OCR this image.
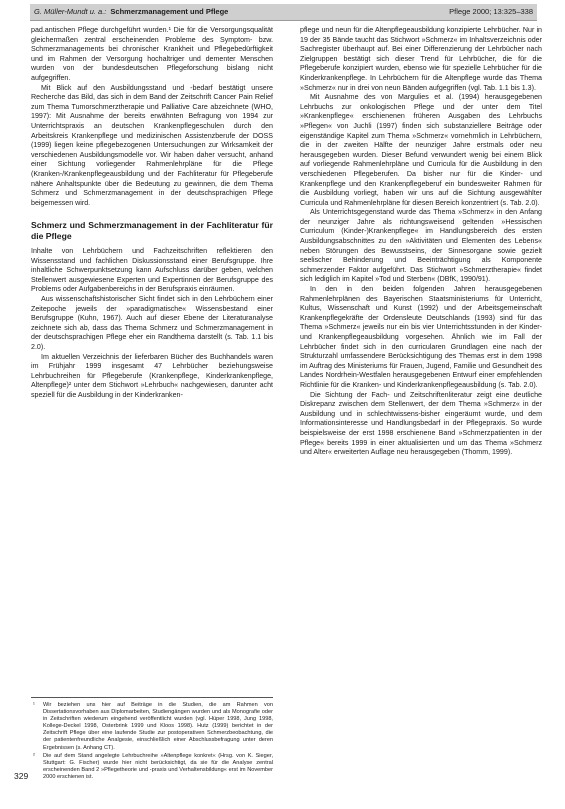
G. Müller-Mundt u. a.: Schmerzmanagement und Pflege	Pflege 2000; 13:325–338

pad.antischen Pflege durchgeführt wurden.¹ Die für die Versorgungsqualität gleichermaßen zentral erscheinenden Probleme des Symptom- bzw. Schmerzmanagements bei chronischer Krankheit und Pflegebedürftigkeit und im Rahmen der Versorgung hochaltriger und dementer Menschen wurden von der bundesdeutschen Pflegeforschung bislang nicht aufgegriffen.

Mit Blick auf den Ausbildungsstand und -bedarf bestätigt unsere Recherche das Bild, das sich in dem Band der Zeitschrift Cancer Pain Relief zum Thema Tumorschmerztherapie und Palliative Care abzeichnete (WHO, 1997): Mit Ausnahme der bereits erwähnten Befragung von 1994 zur Unterrichtspraxis an deutschen Krankenpflegeschulen durch den Arbeitskreis Krankenpflege und medizinischen Assistenzberufe der DOSS (1999) liegen keine pflegebezogenen Untersuchungen zur Wirksamkeit der verschiedenen Ausbildungsmodelle vor. Wir haben daher versucht, anhand einer Sichtung vorliegender Rahmenlehrpläne für die Pflege (Kranken-/Krankenpflegeausbildung und der Fachliteratur für Pflegeberufe nähere Anhaltspunkte über die Bedeutung zu gewinnen, die dem Thema Schmerz und Schmerzmanagement in der deutschsprachigen Pflege beigemessen wird.

Schmerz und Schmerzmanagement in der Fachliteratur für die Pflege

Inhalte von Lehrbüchern und Fachzeitschriften reflektieren den Wissensstand und fachlichen Diskussionsstand einer Berufsgruppe. Ihre inhaltliche Schwerpunktsetzung kann Aufschluss darüber geben, welchen Stellenwert ausgewiesene Experten und Expertinnen der Berufsgruppe des Problems oder Aufgabenbereichs in der Berufspraxis einräumen.

Aus wissenschaftshistorischer Sicht findet sich in den Lehrbüchern einer Zeitepoche jeweils der »paradigmatische« Wissensbestand einer Berufsgruppe (Kuhn, 1967). Auch auf dieser Ebene der Literaturanalyse zeichnete sich ab, dass das Thema Schmerz und Schmerzmanagement in der deutschsprachigen Pflege eher ein Randthema darstellt (s. Tab. 1.1 bis 2.0).

Im aktuellen Verzeichnis der lieferbaren Bücher des Buchhandels waren im Frühjahr 1999 insgesamt 47 Lehrbücher beziehungsweise Lehrbuchreihen für Pflegeberufe (Krankenpflege, Kinderkrankenpflege, Altenpflege)² unter dem Stichwort »Lehrbuch« nachgewiesen, darunter acht speziell für die Ausbildung in der Kinderkranken-

¹ Wir beziehen uns hier auf Beiträge in die Studien, die am Rahmen von Dissertationsvorhaben aus Diplomarbeiten, Studiengängen wurden und als Monografie oder in Zeitschriften wiederum eingehend veröffentlicht wurden (vgl. Hüper 1998, Jung 1998, Kollege-Deckel 1998, Osterbrink 1999 und Kloos 1998). Hutz (1999) berichtet in der Zeitschrift Pflege über eine laufende Studie zur postoperativen Schmerzbeobachtung, die der patientenfreundliche Analgesie, einschließlich einer Abschlussbefragung unter deren Ergebnissen (s. Anhang CT).
² Die auf dem Stand angelegte Lehrbuchreihe »Altenpflege konkret« (Hrsg. von K. Sieger, Stuttgart: G. Fischer) wurde hier nicht berücksichtigt, da sie für die Analyse zentral erscheinenden Band 2 »Pflegetheorie und -praxis und Verhaltensbildung« erst im November 2000 erschienen ist.

pflege und neun für die Altenpflegeausbildung konzipierte Lehrbücher. Nur in 19 der 35 Bände taucht das Stichwort »Schmerz« im Inhaltsverzeichnis oder Sachregister überhaupt auf. Bei einer Differenzierung der Lehrbücher nach Zielgruppen bestätigt sich dieser Trend für Lehrbücher, die für die Pflegeberufe konzipiert wurden, ebenso wie für spezielle Lehrbücher für die Kinderkrankenpflege. In Lehrbüchern für die Altenpflege wurde das Thema »Schmerz« nur in drei von neun Bänden aufgegriffen (vgl. Tab. 1.1 bis 1.3).

Mit Ausnahme des von Margulies et al. (1994) herausgegebenen Lehrbuchs zur onkologischen Pflege und der unter dem Titel »Krankenpflege« erschienenen früheren Ausgaben des Lehrbuchs »Pflegen« von Juchli (1997) finden sich substanziellere Beiträge oder eigenständige Kapitel zum Thema »Schmerz« vornehmlich in Lehrbüchern, die in der zweiten Hälfte der neunziger Jahre erstmals oder neu herausgegeben wurden. Dieser Befund verwundert wenig bei einem Blick auf vorliegende Rahmenlehrpläne und Curricula für die Ausbildung in den verschiedenen Pflegeberufen. Da bisher nur für die Kinder- und Krankenpflege und den Krankenpflegeberuf ein bundesweiter Rahmen für die Ausbildung vorliegt, haben wir uns auf die Sichtung ausgewählter Curricula und Rahmenlehrpläne für diesen Bereich konzentriert (s. Tab. 2.0).

Als Unterrichtsgegenstand wurde das Thema »Schmerz« in den Anfang der neunziger Jahre als richtungsweisend geltenden »Hessischen Curriculum (Kinder-)Krankenpflege« im Handlungsbereich des ersten Ausbildungsabschnittes zu den »Aktivitäten und Elementen des Lebens« neben Störungen des Bewusstseins, der Sinnesorgane sowie gezielt seelischer Behinderung und Beeinträchtigung als Komponente schmerzender Faktor aufgeführt. Das Stichwort »Schmerztherapie« findet sich lediglich im Kapitel »Tod und Sterben« (DBfK, 1990/91).

In den in den beiden folgenden Jahren herausgegebenen Rahmenlehrplänen des Bayerischen Staatsministeriums für Unterricht, Kultus, Wissenschaft und Kunst (1992) und der Arbeitsgemeinschaft Krankenpflegekräfte der Ordensleute Deutschlands (1993) sind für das Thema »Schmerz« jeweils nur ein bis vier Unterrichtsstunden in der Kinder- und Krankenpflegeausbildung vorgesehen. Ähnlich wie im Fall der Lehrbücher findet sich in den curricularen Grundlagen eine nach der Strukturzahl umfassendere Berücksichtigung des Themas erst in dem 1998 im Auftrag des Ministeriums für Frauen, Jugend, Familie und Gesundheit des Landes Nordrhein-Westfalen herausgegebenen Entwurf einer empfehlenden Richtlinie für die Kranken- und Kinderkrankenpflegeausbildung (s. Tab. 2.0).

Die Sichtung der Fach- und Zeitschriftenliteratur zeigt eine deutliche Diskrepanz zwischen dem Stellenwert, der dem Thema »Schmerz« in der Ausbildung und in schlechtwissens-bisher eingeräumt wurde, und dem Informationsinteresse und Handlungsbedarf in der Pflegepraxis. So wurde beispielsweise der erst 1998 erschienene Band »Schmerzpatienten in der Pflege« bereits 1999 in einer aktualisierten und um das Thema »Schmerz und Alter« erweiterten Auflage neu herausgegeben (Thomm, 1999).

329
